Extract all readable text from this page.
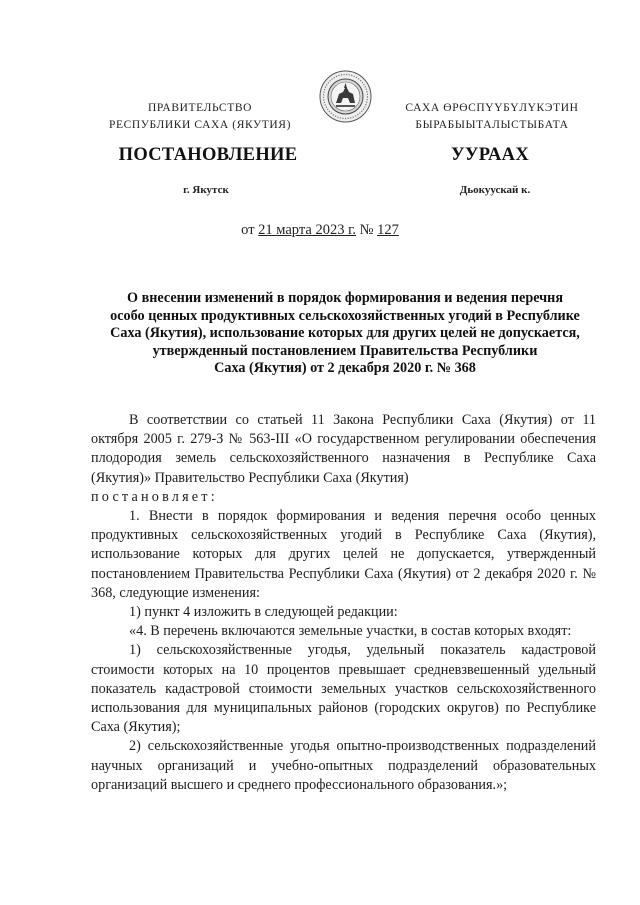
ПРАВИТЕЛЬСТВО
РЕСПУБЛИКИ САХА (ЯКУТИЯ)
САХА ӨРӨСПҮҮБҮЛҮКЭТИН
БЫРАБЫЫТАЛЫСТЫБАТА
ПОСТАНОВЛЕНИЕ	УУРААХ
г. Якутск	Дьокуускай к.
от 21 марта 2023 г. № 127
О внесении изменений в порядок формирования и ведения перечня
особо ценных продуктивных сельскохозяйственных угодий в Республике
Саха (Якутия), использование которых для других целей не допускается,
утвержденный постановлением Правительства Республики
Саха (Якутия) от 2 декабря 2020 г. № 368

В соответствии со статьей 11 Закона Республики Саха (Якутия) от 11 октября 2005 г. 279-З № 563-III «О государственном регулировании обеспечения плодородия земель сельскохозяйственного назначения в Республике Саха (Якутия)» Правительство Республики Саха (Якутия)
постановляет:

1. Внести в порядок формирования и ведения перечня особо ценных продуктивных сельскохозяйственных угодий в Республике Саха (Якутия), использование которых для других целей не допускается, утвержденный постановлением Правительства Республики Саха (Якутия) от 2 декабря 2020 г. № 368, следующие изменения:

1) пункт 4 изложить в следующей редакции:

«4. В перечень включаются земельные участки, в состав которых входят:

1) сельскохозяйственные угодья, удельный показатель кадастровой стоимости которых на 10 процентов превышает средневзвешенный удельный показатель кадастровой стоимости земельных участков сельскохозяйственного использования для муниципальных районов (городских округов) по Республике Саха (Якутия);

2) сельскохозяйственные угодья опытно-производственных подразделений научных организаций и учебно-опытных подразделений образовательных организаций высшего и среднего профессионального образования.»;
